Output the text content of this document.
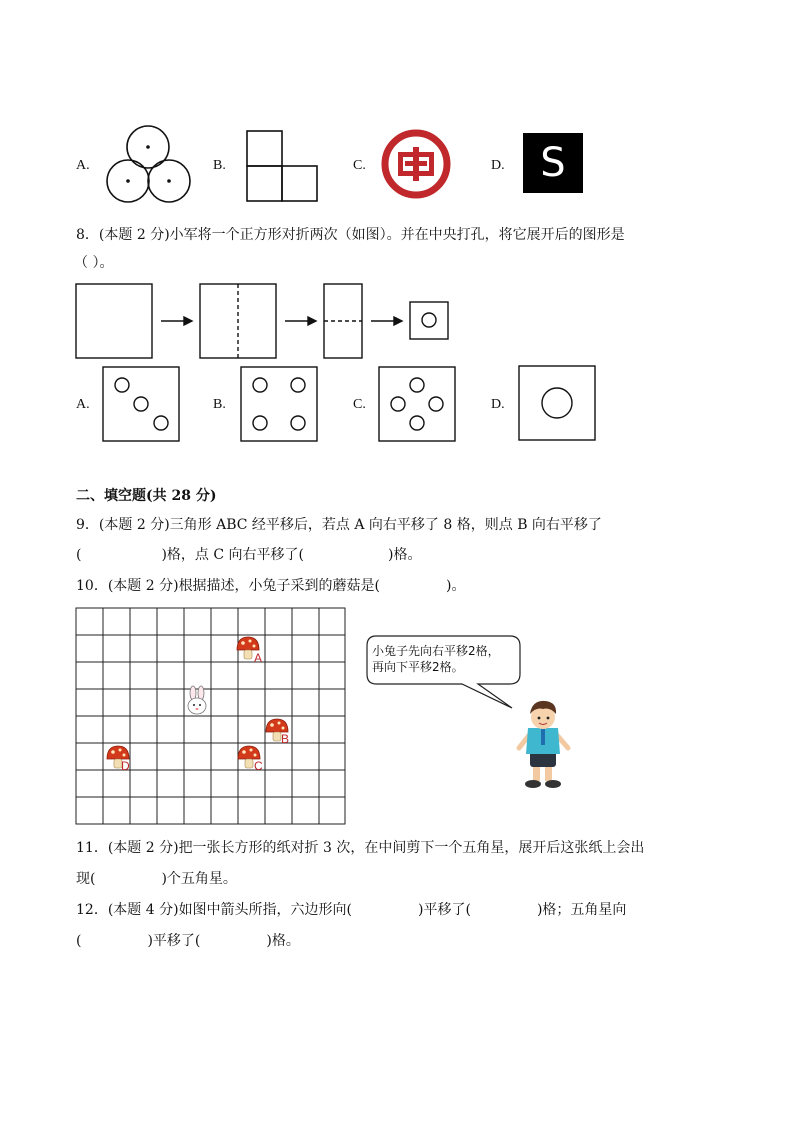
A.	B.	C.	D. S
8．(本题 2 分)小军将一个正方形对折两次（如图）。并在中央打孔，将它展开后的图形是
（ ）。
A.	B.	C.	D.
二、填空题(共 28 分)
9．(本题 2 分)三角形 ABC 经平移后，若点 A 向右平移了 8 格，则点 B 向右平移了
(	)格，点 C 向右平移了(	)格。
10．(本题 2 分)根据描述，小兔子采到的蘑菇是(	)。
A
B
C
D
小兔子先向右平移2格，
再向下平移2格。
11．(本题 2 分)把一张长方形的纸对折 3 次，在中间剪下一个五角星，展开后这张纸上会出
现(	)个五角星。
12．(本题 4 分)如图中箭头所指，六边形向(	)平移了(	)格；五角星向
(	)平移了(	)格。
